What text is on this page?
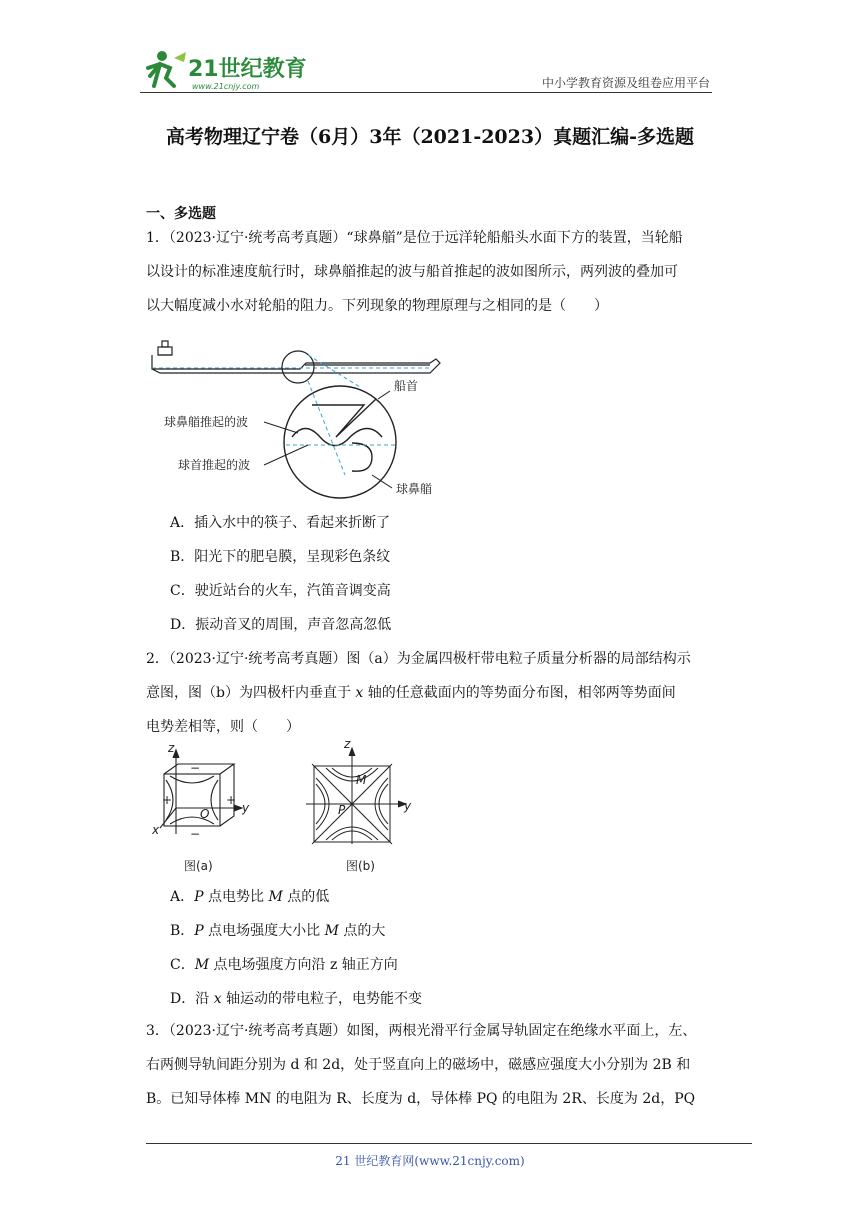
21世纪教育
www.21cnjy.com	中小学教育资源及组卷应用平台
高考物理辽宁卷（6月）3年（2021-2023）真题汇编-多选题
一、多选题
1．（2023·辽宁·统考高考真题）“球鼻艏”是位于远洋轮船船头水面下方的装置，当轮船
以设计的标准速度航行时，球鼻艏推起的波与船首推起的波如图所示，两列波的叠加可
以大幅度减小水对轮船的阻力。下列现象的物理原理与之相同的是（　　）
船首
球鼻艏推起的波
球首推起的波
球鼻艏
A．插入水中的筷子、看起来折断了
B．阳光下的肥皂膜，呈现彩色条纹
C．驶近站台的火车，汽笛音调变高
D．振动音叉的周围，声音忽高忽低
2．（2023·辽宁·统考高考真题）图（a）为金属四极杆带电粒子质量分析器的局部结构示
意图，图（b）为四极杆内垂直于 x 轴的任意截面内的等势面分布图，相邻两等势面间
电势差相等，则（　　）
z
y
x
O
−
−
+	+
图(a)
z
y
P
M
图(b)
A．P 点电势比 M 点的低
B．P 点电场强度大小比 M 点的大
C．M 点电场强度方向沿 z 轴正方向
D．沿 x 轴运动的带电粒子，电势能不变
3．（2023·辽宁·统考高考真题）如图，两根光滑平行金属导轨固定在绝缘水平面上，左、
右两侧导轨间距分别为 d 和 2d，处于竖直向上的磁场中，磁感应强度大小分别为 2B 和
B。已知导体棒 MN 的电阻为 R、长度为 d，导体棒 PQ 的电阻为 2R、长度为 2d，PQ
21 世纪教育网(www.21cnjy.com)
